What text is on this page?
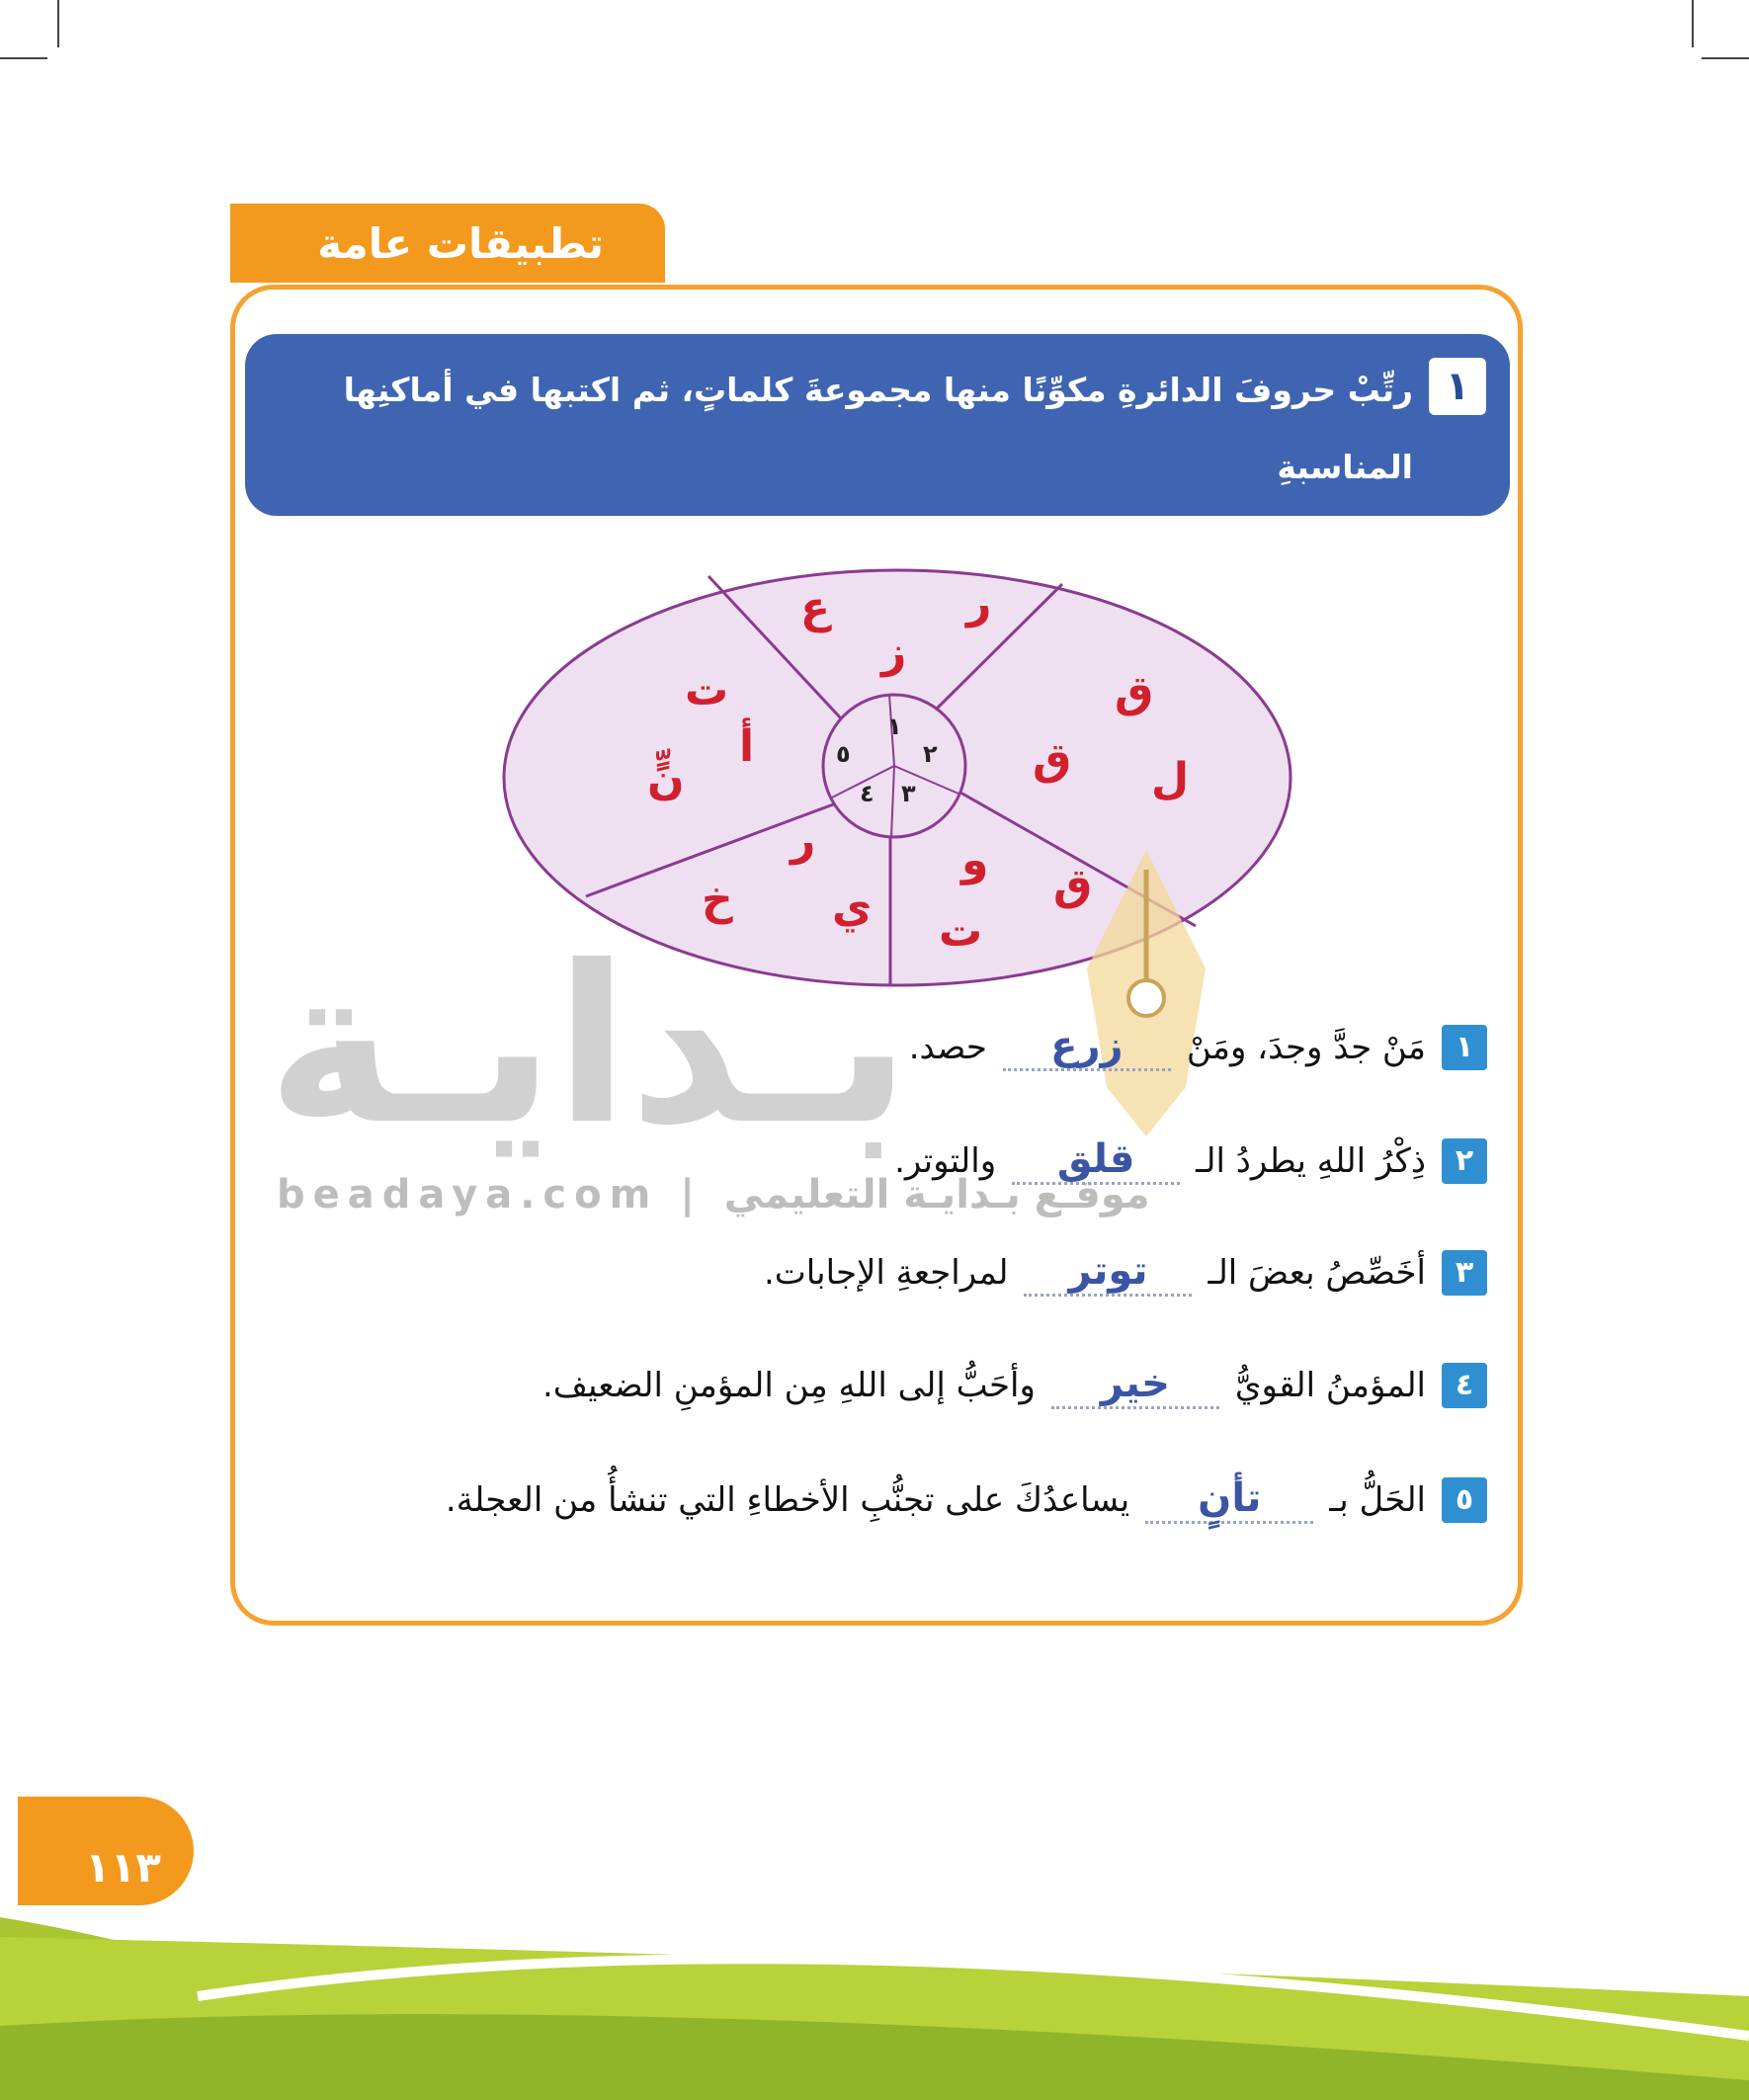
تطبيقات عامة
١
رتِّبْ حروفَ الدائرةِ مكوِّنًا منها مجموعةَ كلماتٍ، ثم اكتبها في أماكنِها المناسبةِ
بالجُملِ الآتيةِ:
١
٢
٣
٤
٥
ع	ر
ز
ق
ق ل
و ق
ت
ر
خ ي
ت
أ
نٍّ
بـدايـة
beadaya.com | موقـع بـدايـة التعليمي
١
مَنْ جدَّ وجدَ، ومَنْ
زرع
حصد.
٢
ذِكْرُ اللهِ يطردُ الـ
قلق
والتوتر.
٣
أخَصِّصُ بعضَ الـ
توتر
لمراجعةِ الإجابات.
٤
المؤمنُ القويُّ
خير
وأحَبُّ إلى اللهِ مِن المؤمنِ الضعيف.
٥
الحَلُّ بـ
تأنٍ
يساعدُكَ على تجنُّبِ الأخطاءِ التي تنشأُ من العجلة.
١١٣
